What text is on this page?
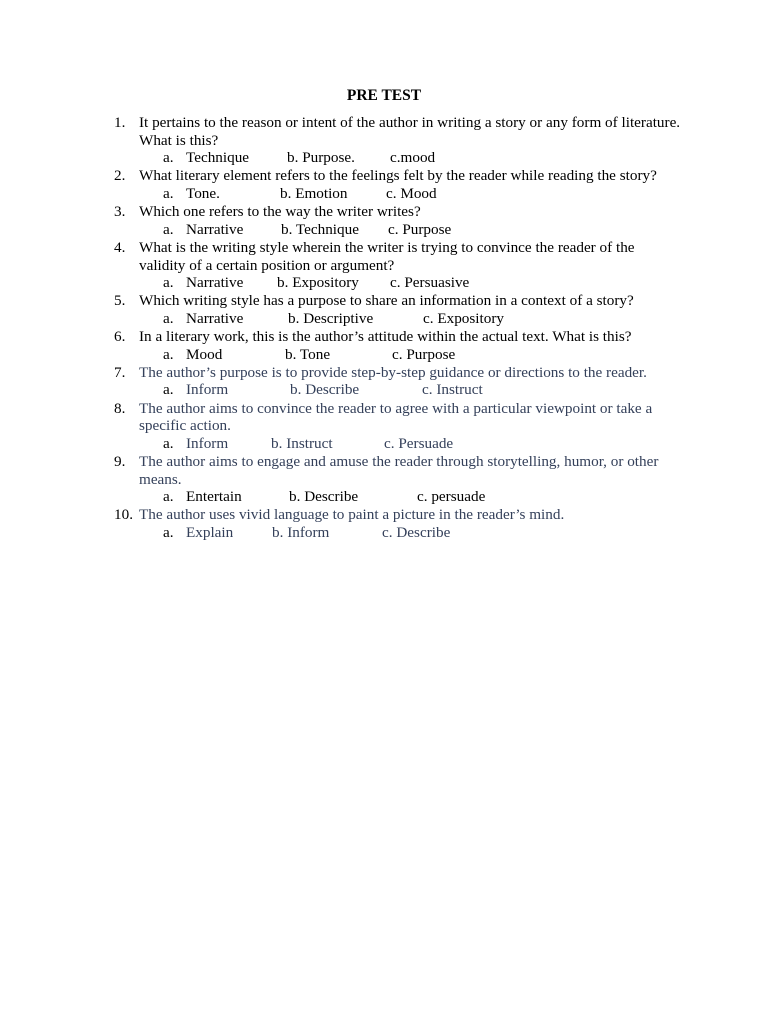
PRE TEST
1. It pertains to the reason or intent of the author in writing a story or any form of literature. What is this?
a. Technique b. Purpose. c.mood
2. What literary element refers to the feelings felt by the reader while reading the story?
a. Tone.	b. Emotion	c. Mood
3. Which one refers to the way the writer writes?
a. Narrative b. Technique c. Purpose
4. What is the writing style wherein the writer is trying to convince the reader of the validity of a certain position or argument?
a. Narrative b. Expository c. Persuasive
5. Which writing style has a purpose to share an information in a context of a story?
a. Narrative	b. Descriptive	c. Expository
6. In a literary work, this is the author’s attitude within the actual text. What is this?
a. Mood	b. Tone	c. Purpose
7. The author’s purpose is to provide step-by-step guidance or directions to the reader.
a. Inform	b. Describe	c. Instruct
8. The author aims to convince the reader to agree with a particular viewpoint or take a specific action.
a. Inform	b. Instruct	c. Persuade
9. The author aims to engage and amuse the reader through storytelling, humor, or other means.
a. Entertain	b. Describe	c. persuade
10. The author uses vivid language to paint a picture in the reader’s mind.
a. Explain	b. Inform	c. Describe
